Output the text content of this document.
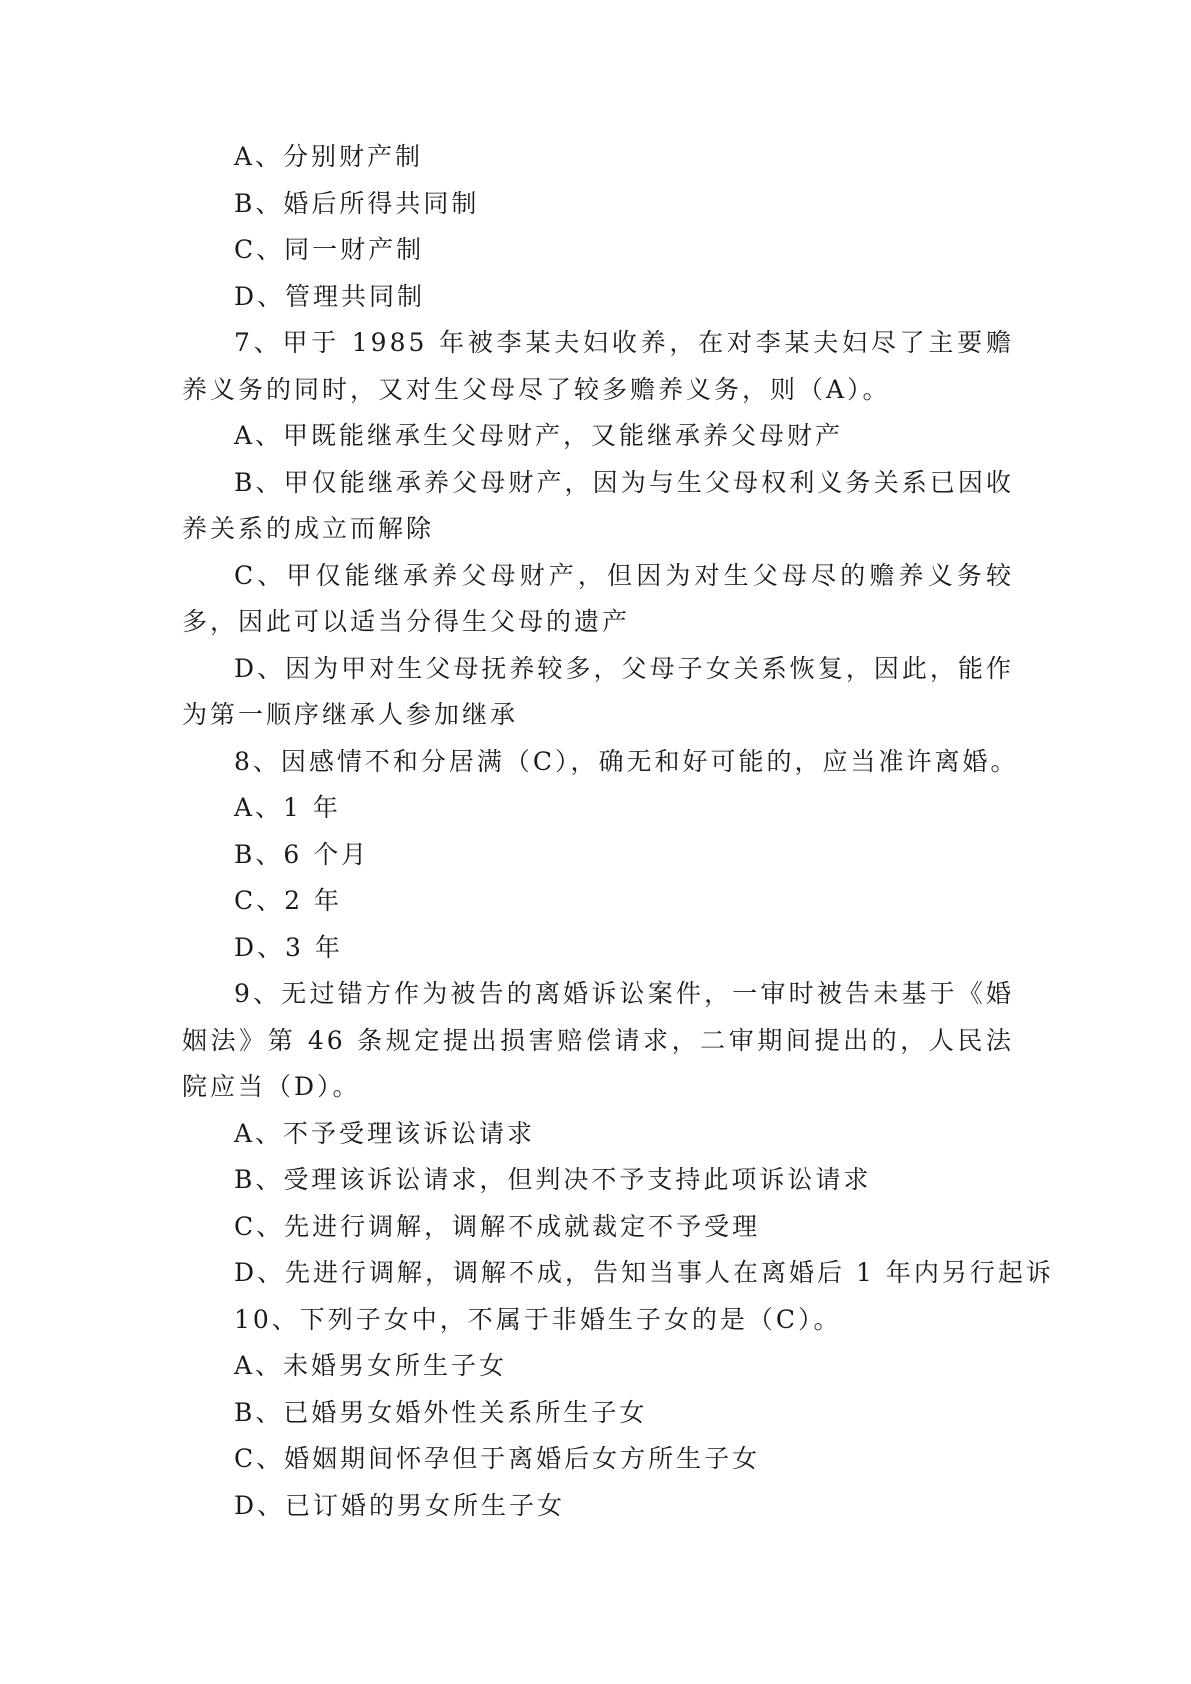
A、分别财产制

B、婚后所得共同制

C、同一财产制

D、管理共同制

7、甲于 1985 年被李某夫妇收养，在对李某夫妇尽了主要赡养义务的同时，又对生父母尽了较多赡养义务，则（A）。

A、甲既能继承生父母财产，又能继承养父母财产

B、甲仅能继承养父母财产，因为与生父母权利义务关系已因收养关系的成立而解除

C、甲仅能继承养父母财产，但因为对生父母尽的赡养义务较多，因此可以适当分得生父母的遗产

D、因为甲对生父母抚养较多，父母子女关系恢复，因此，能作为第一顺序继承人参加继承

8、因感情不和分居满（C），确无和好可能的，应当准许离婚。

A、1 年

B、6 个月

C、2 年

D、3 年

9、无过错方作为被告的离婚诉讼案件，一审时被告未基于《婚姻法》第 46 条规定提出损害赔偿请求，二审期间提出的，人民法院应当（D）。

A、不予受理该诉讼请求

B、受理该诉讼请求，但判决不予支持此项诉讼请求

C、先进行调解，调解不成就裁定不予受理

D、先进行调解，调解不成，告知当事人在离婚后 1 年内另行起诉

10、下列子女中，不属于非婚生子女的是（C）。

A、未婚男女所生子女

B、已婚男女婚外性关系所生子女

C、婚姻期间怀孕但于离婚后女方所生子女

D、已订婚的男女所生子女
